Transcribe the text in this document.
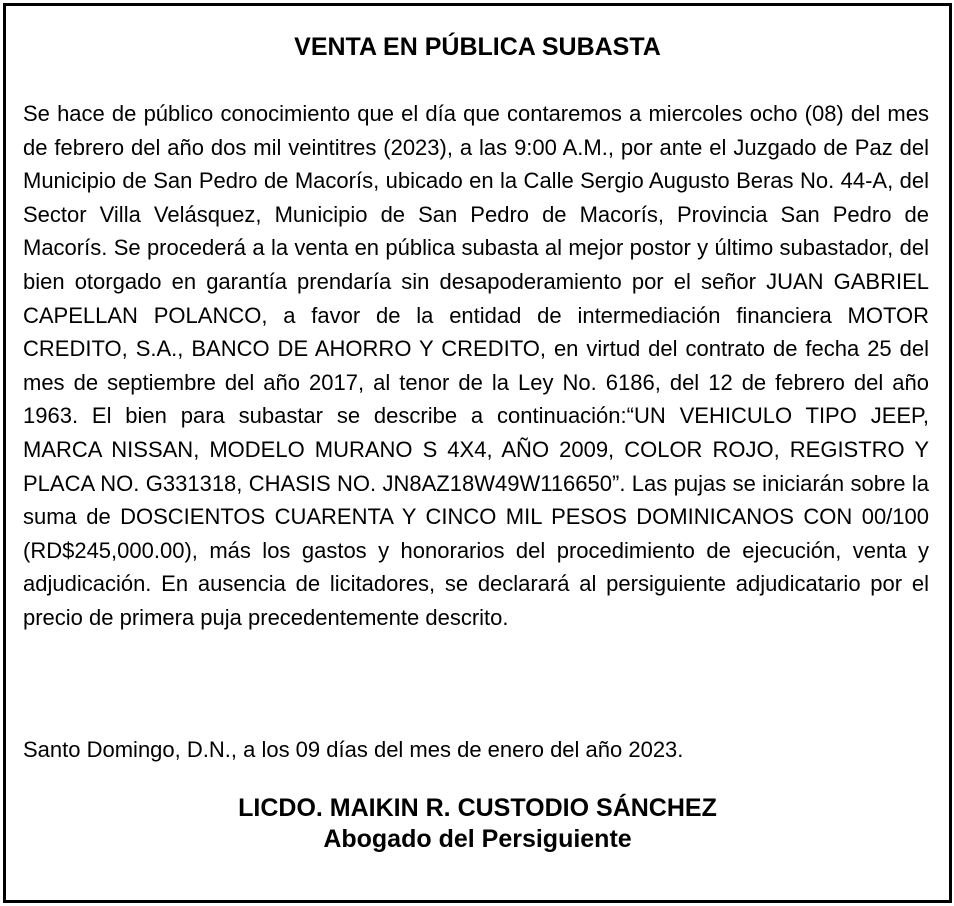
VENTA EN PÚBLICA SUBASTA

Se hace de público conocimiento que el día que contaremos a miercoles ocho (08) del mes de febrero del año dos mil veintitres (2023), a las 9:00 A.M., por ante el Juzgado de Paz del Municipio de San Pedro de Macorís, ubicado en la Calle Sergio Augusto Beras No. 44-A, del Sector Villa Velásquez, Municipio de San Pedro de Macorís, Provincia San Pedro de Macorís. Se procederá a la venta en pública subasta al mejor postor y último subastador, del bien otorgado en garantía prendaría sin desapoderamiento por el señor JUAN GABRIEL CAPELLAN POLANCO, a favor de la entidad de intermediación financiera MOTOR CREDITO, S.A., BANCO DE AHORRO Y CREDITO, en virtud del contrato de fecha 25 del mes de septiembre del año 2017, al tenor de la Ley No. 6186, del 12 de febrero del año 1963. El bien para subastar se describe a continuación:“UN VEHICULO TIPO JEEP, MARCA NISSAN, MODELO MURANO S 4X4, AÑO 2009, COLOR ROJO, REGISTRO Y PLACA NO. G331318, CHASIS NO. JN8AZ18W49W116650”. Las pujas se iniciarán sobre la suma de DOSCIENTOS CUARENTA Y CINCO MIL PESOS DOMINICANOS CON 00/100 (RD$245,000.00), más los gastos y honorarios del procedimiento de ejecución, venta y adjudicación. En ausencia de licitadores, se declarará al persiguiente adjudicatario por el precio de primera puja precedentemente descrito.

Santo Domingo, D.N., a los 09 días del mes de enero del año 2023.

LICDO. MAIKIN R. CUSTODIO SÁNCHEZ
Abogado del Persiguiente
